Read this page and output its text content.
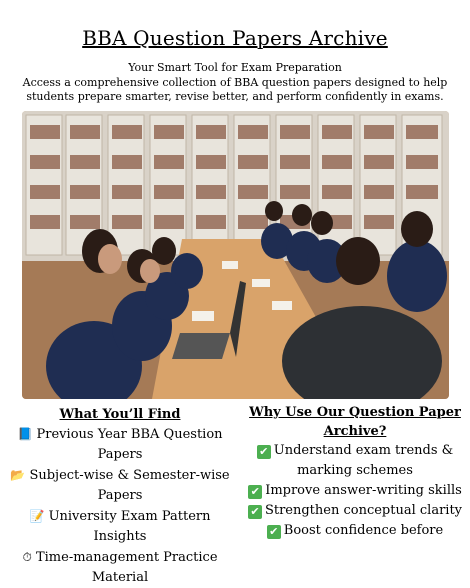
BBA Question Papers Archive
Your Smart Tool for Exam Preparation
Access a comprehensive collection of BBA question papers designed to help students prepare smarter, revise better, and perform confidently in exams.
What You’ll Find
📘 Previous Year BBA Question Papers
📂 Subject-wise & Semester-wise Papers
📝 University Exam Pattern Insights
⏱ Time-management Practice Material
Why Use Our Question Paper Archive?
✔ Understand exam trends & marking schemes
✔ Improve answer-writing skills
✔ Strengthen conceptual clarity
✔ Boost confidence before
